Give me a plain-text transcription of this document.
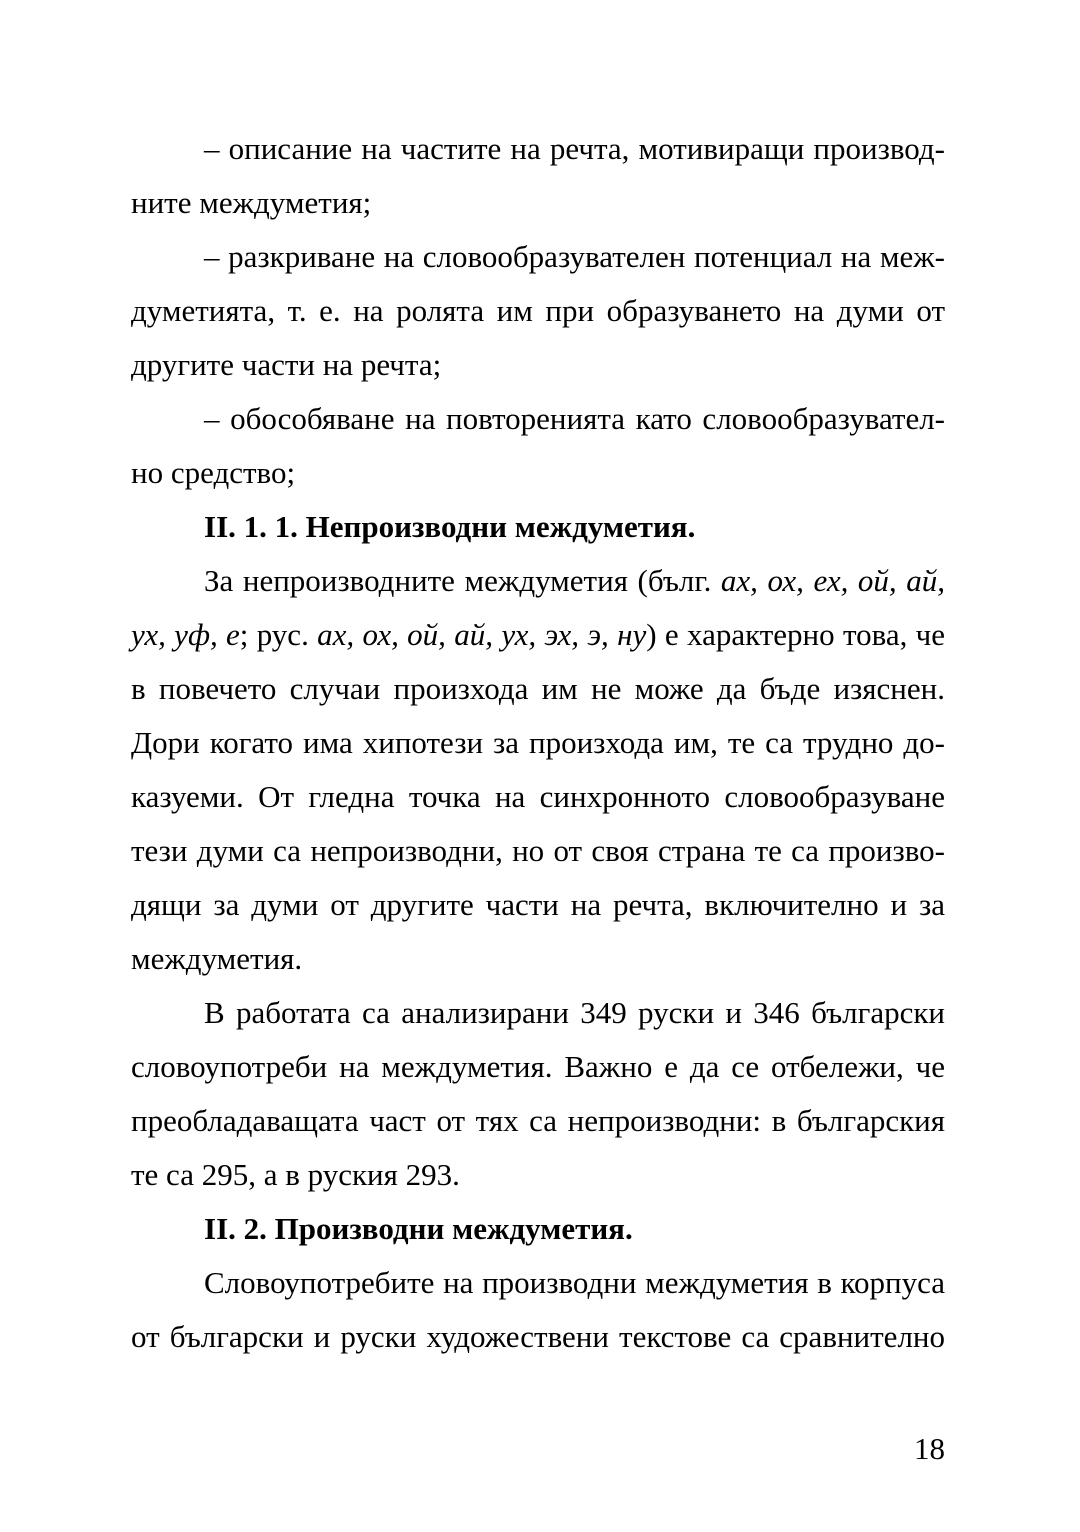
– описание на частите на речта, мотивиращи производ-
ните междуметия;
– разкриване на словообразувателен потенциал на меж-
думетията, т. е. на ролята им при образуването на думи от
другите части на речта;
– обособяване на повторенията като словообразувател-
но средство;
II. 1. 1. Непроизводни междуметия.
За непроизводните междуметия (бълг. ах, ох, ех, ой, ай,
ух, уф, е; рус. ах, ох, ой, ай, ух, эх, э, ну) е характерно това, че
в повечето случаи произхода им не може да бъде изяснен.
Дори когато има хипотези за произхода им, те са трудно до-
казуеми. От гледна точка на синхронното словообразуване
тези думи са непроизводни, но от своя страна те са произво-
дящи за думи от другите части на речта, включително и за
междуметия.
В работата са анализирани 349 руски и 346 български
словоупотреби на междуметия. Важно е да се отбележи, че
преобладаващата част от тях са непроизводни: в българския
те са 295, а в руския 293.
II. 2. Производни междуметия.
Словоупотребите на производни междуметия в корпуса
от български и руски художествени текстове са сравнително
18
